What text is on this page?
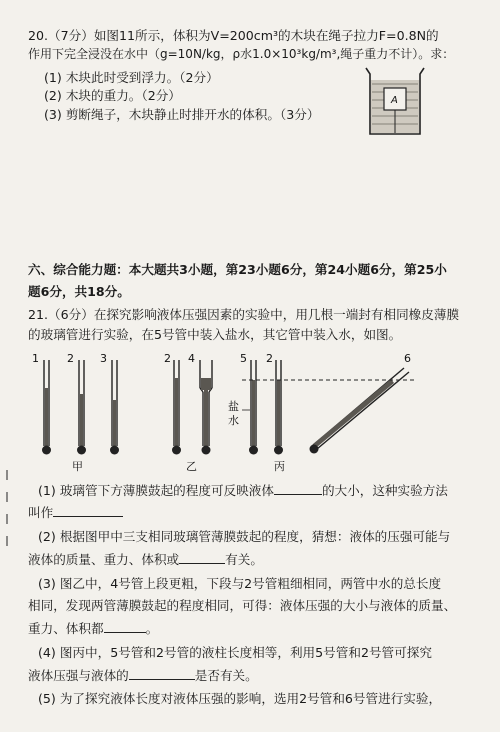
20.（7分）如图11所示，体积为V=200cm³的木块在绳子拉力F=0.8N的
作用下完全浸没在水中（g=10N/kg，ρ水1.0×10³kg/m³,绳子重力不计）。求：
(1) 木块此时受到浮力。（2分）
(2) 木块的重力。（2分）
(3) 剪断绳子，木块静止时排开水的体积。（3分）
A
六、综合能力题：本大题共3小题，第23小题6分，第24小题6分，第25小
题6分，共18分。
21.（6分）在探究影响液体压强因素的实验中，用几根一端封有相同橡皮薄膜
的玻璃管进行实验，在5号管中装入盐水，其它管中装入水，如图。
1	2 3	2 4	5 2	6
盐
水
甲	乙	丙
(1) 玻璃管下方薄膜鼓起的程度可反映液体	的大小，这种实验方法
叫作
(2) 根据图甲中三支相同玻璃管薄膜鼓起的程度，猜想：液体的压强可能与
液体的质量、重力、体积或	有关。
(3) 图乙中，4号管上段更粗，下段与2号管粗细相同，两管中水的总长度
相同，发现两管薄膜鼓起的程度相同，可得：液体压强的大小与液体的质量、
重力、体积都	。
(4) 图丙中，5号管和2号管的液柱长度相等，利用5号管和2号管可探究
液体压强与液体的	是否有关。
(5) 为了探究液体长度对液体压强的影响，选用2号管和6号管进行实验，
